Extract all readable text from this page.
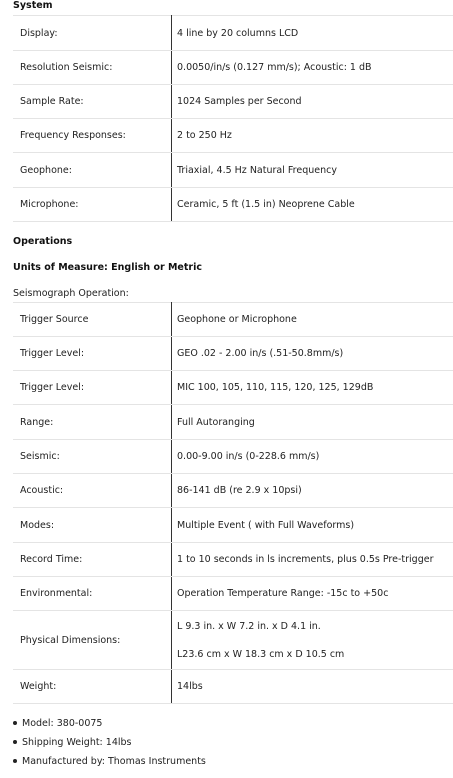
System
Display:	4 line by 20 columns LCD
Resolution Seismic:	0.0050/in/s (0.127 mm/s); Acoustic: 1 dB
Sample Rate:	1024 Samples per Second
Frequency Responses:	2 to 250 Hz
Geophone:	Triaxial, 4.5 Hz Natural Frequency
Microphone:	Ceramic, 5 ft (1.5 in) Neoprene Cable
Operations
Units of Measure: English or Metric
Seismograph Operation:
Trigger Source	Geophone or Microphone
Trigger Level:	GEO .02 - 2.00 in/s (.51-50.8mm/s)
Trigger Level:	MIC 100, 105, 110, 115, 120, 125, 129dB
Range:	Full Autoranging
Seismic:	0.00-9.00 in/s (0-228.6 mm/s)
Acoustic:	86-141 dB (re 2.9 x 10psi)
Modes:	Multiple Event ( with Full Waveforms)
Record Time:	1 to 10 seconds in ls increments, plus 0.5s Pre-trigger
Environmental:	Operation Temperature Range: -15c to +50c
Physical Dimensions:	L 9.3 in. x W 7.2 in. x D 4.1 in.
L23.6 cm x W 18.3 cm x D 10.5 cm

Weight:	14lbs
Model: 380-0075
Shipping Weight: 14lbs
Manufactured by: Thomas Instruments
